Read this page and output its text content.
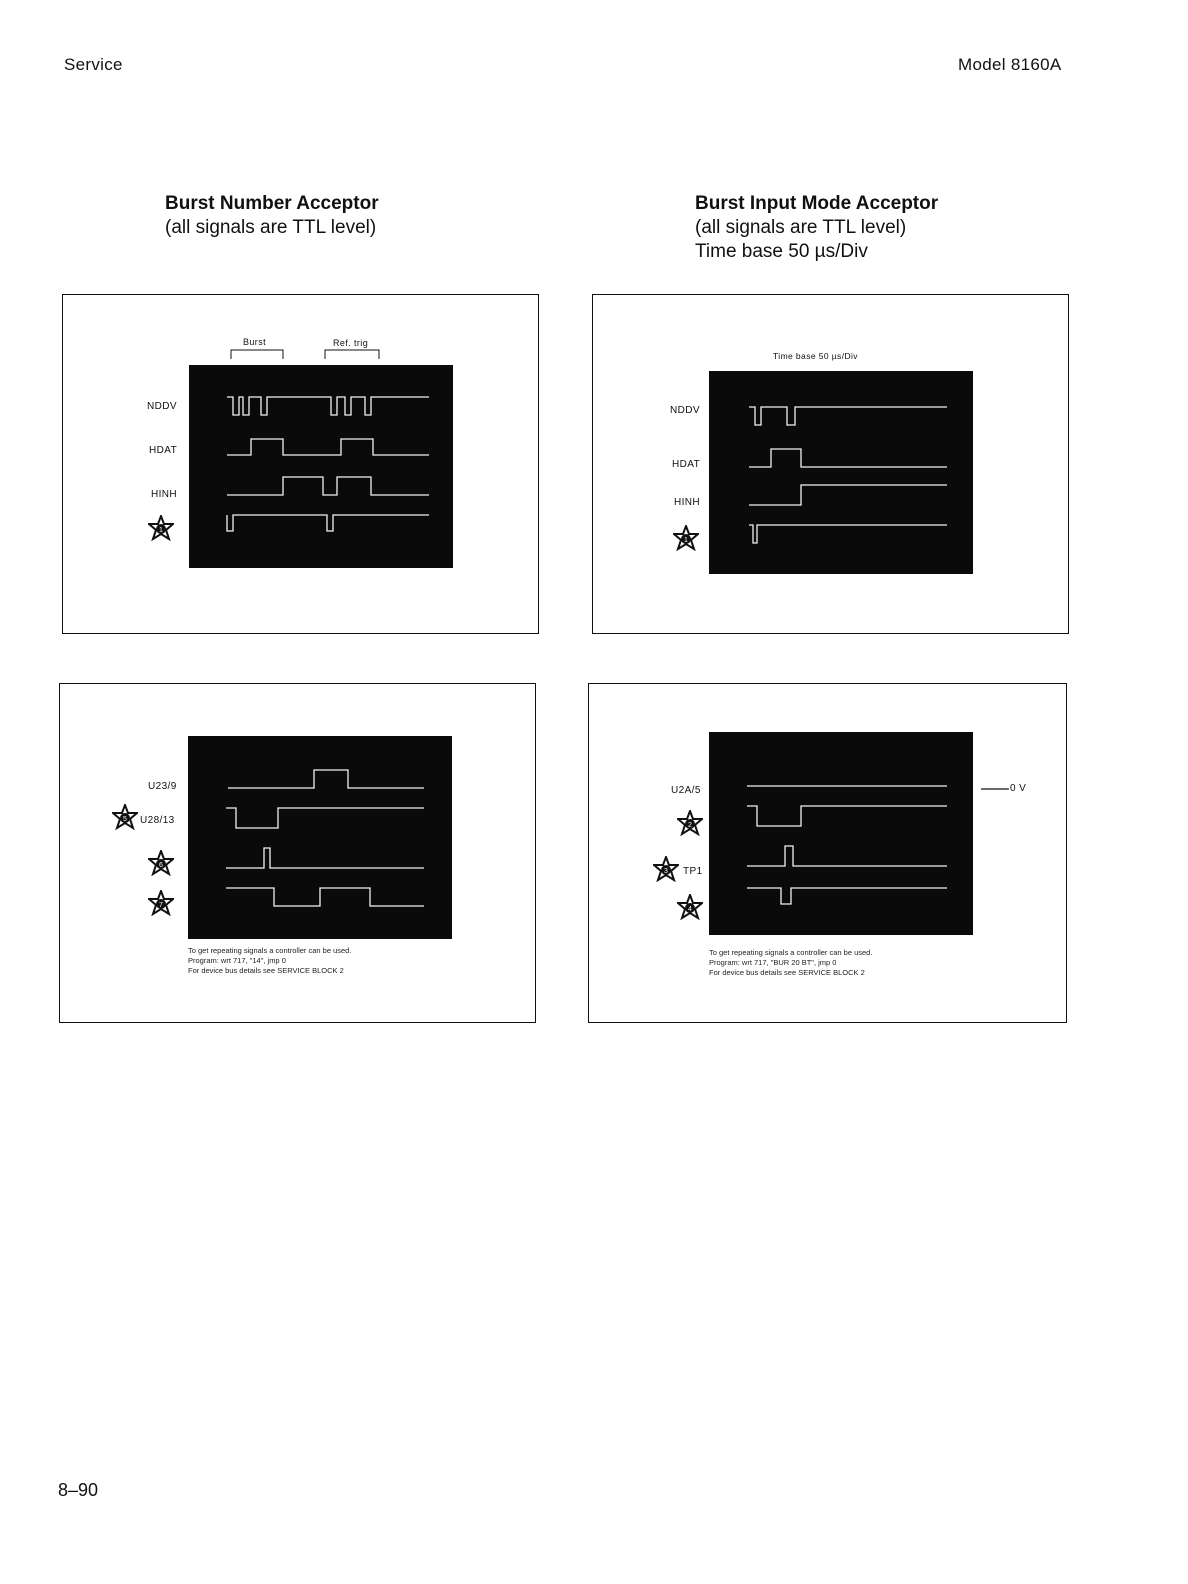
Service	Model 8160A
Burst Number Acceptor
(all signals are TTL level)
Burst Input Mode Acceptor
(all signals are TTL level)
Time base 50 µs/Div
Burst	Ref. trig
NDDV
HDAT
HINH
1
Time base 50 µs/Div
NDDV
HDAT
HINH
1
U23/9
U28/13
5
6
7
To get repeating signals a controller can be used.
Program: wrt 717, "14", jmp 0
For device bus details see SERVICE BLOCK 2
U2A/5
TP1
2
3
4
0 V
To get repeating signals a controller can be used.
Program: wrt 717, "BUR 20 BT", jmp 0
For device bus details see SERVICE BLOCK 2
8–90
